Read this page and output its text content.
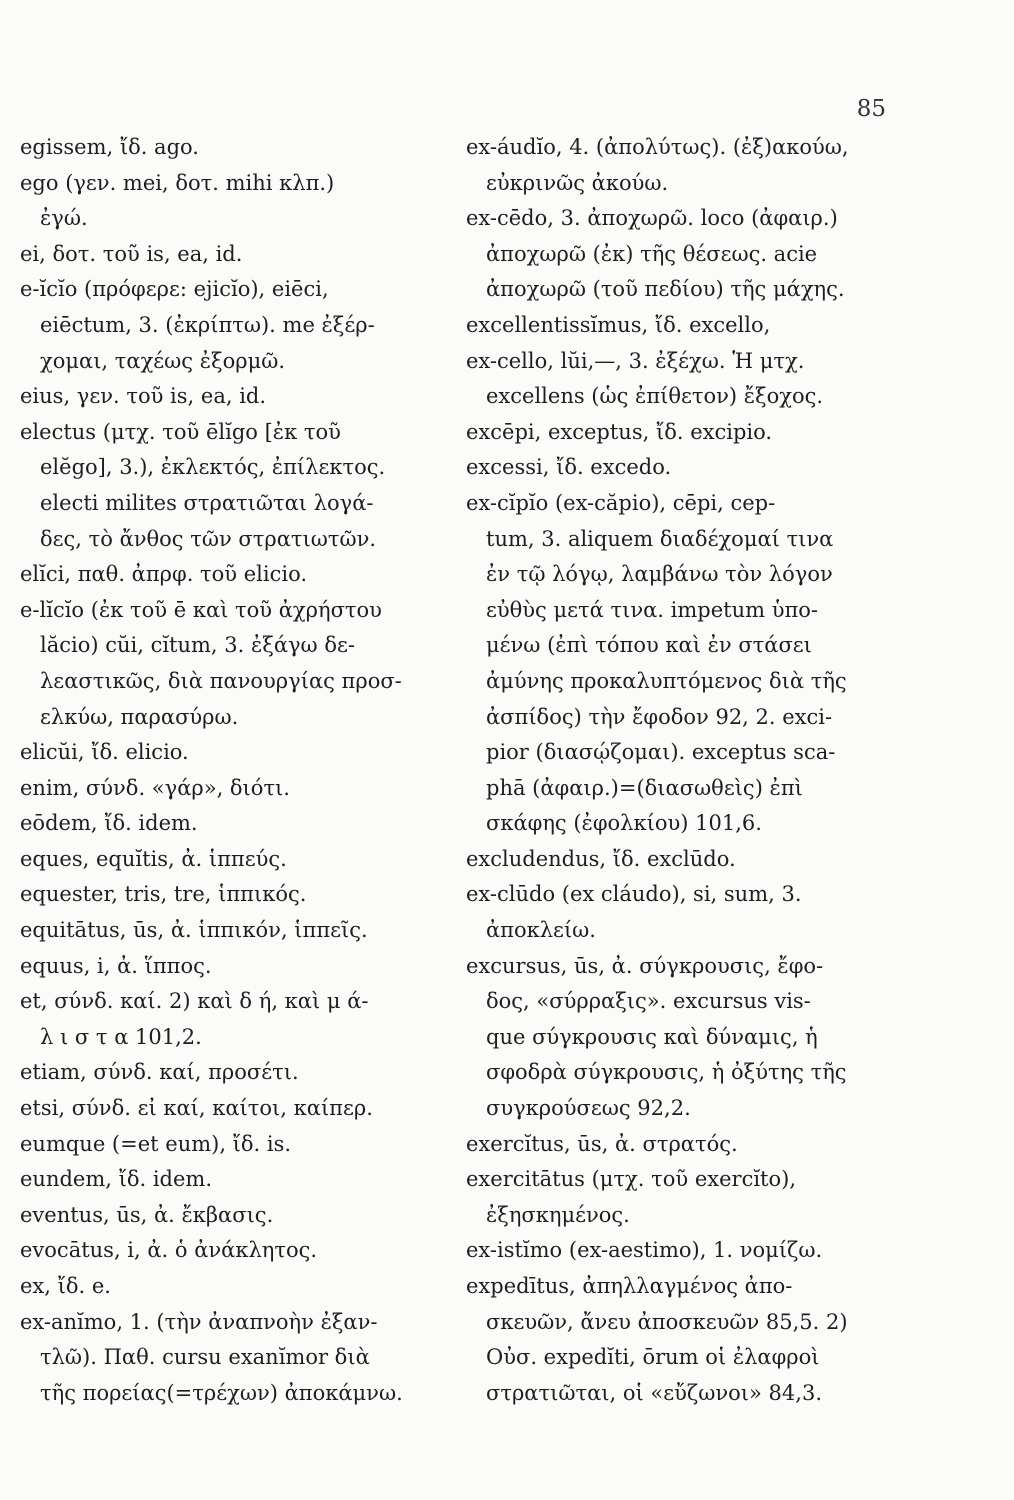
85
egissem, ἴδ. ago.
ego (γεν. mei, δοτ. mihi κλπ.)
ἐγώ.
ei, δοτ. τοῦ is, ea, id.
e-ĭcĭo (πρόφερε: ejicĭo), eiēci,
eiēctum, 3. (ἐκρίπτω). me ἐξέρ-
χομαι, ταχέως ἐξορμῶ.
eius, γεν. τοῦ is, ea, id.
electus (μτχ. τοῦ ēlĭgo [ἐκ τοῦ
elĕgo], 3.), ἐκλεκτός, ἐπίλεκτος.
electi milites στρατιῶται λογά-
δες, τὸ ἄνθος τῶν στρατιωτῶν.
elĭci, παθ. ἀπρφ. τοῦ elicio.
e-lĭcĭo (ἐκ τοῦ ē καὶ τοῦ ἀχρήστου
lăcio) cŭi, cĭtum, 3. ἐξάγω δε-
λεαστικῶς, διὰ πανουργίας προσ-
ελκύω, παρασύρω.
elicŭi, ἴδ. elicio.
enim, σύνδ. «γάρ», διότι.
eōdem, ἴδ. idem.
eques, equĭtis, ἀ. ἱππεύς.
equester, tris, tre, ἱππικός.
equitātus, ūs, ἀ. ἱππικόν, ἱππεῖς.
equus, i, ἀ. ἵππος.
et, σύνδ. καί. 2) καὶ δ ή, καὶ μ ά-
λ ι σ τ α 101,2.
etiam, σύνδ. καί, προσέτι.
etsi, σύνδ. εἰ καί, καίτοι, καίπερ.
eumque (=et eum), ἴδ. is.
eundem, ἴδ. idem.
eventus, ūs, ἀ. ἔκβασις.
evocātus, i, ἀ. ὁ ἀνάκλητος.
ex, ἴδ. e.
ex-anĭmo, 1. (τὴν ἀναπνοὴν ἐξαν-
τλῶ). Παθ. cursu exanĭmor διὰ
τῆς πορείας(=τρέχων) ἀποκάμνω.
ex-áudĭo, 4. (ἀπολύτως). (ἐξ)ακούω,
εὐκρινῶς ἀκούω.
ex-cēdo, 3. ἀποχωρῶ. loco (ἀφαιρ.)
ἀποχωρῶ (ἐκ) τῆς θέσεως. acie
ἀποχωρῶ (τοῦ πεδίου) τῆς μάχης.
excellentissĭmus, ἴδ. excello,
ex-cello, lŭi,—, 3. ἐξέχω. Ἡ μτχ.
excellens (ὡς ἐπίθετον) ἔξοχος.
excēpi, exceptus, ἴδ. excipio.
excessi, ἴδ. excedo.
ex-cĭpĭo (ex-căpio), cēpi, cep-
tum, 3. aliquem διαδέχομαί τινα
ἐν τῷ λόγῳ, λαμβάνω τὸν λόγον
εὐθὺς μετά τινα. impetum ὑπο-
μένω (ἐπὶ τόπου καὶ ἐν στάσει
ἀμύνης προκαλυπτόμενος διὰ τῆς
ἀσπίδος) τὴν ἔφοδον 92, 2. exci-
pior (διασῴζομαι). exceptus sca-
phā (ἀφαιρ.)=(διασωθεὶς) ἐπὶ
σκάφης (ἐφολκίου) 101,6.
excludendus, ἴδ. exclūdo.
ex-clūdo (ex cláudo), si, sum, 3.
ἀποκλείω.
excursus, ūs, ἀ. σύγκρουσις, ἔφο-
δος, «σύρραξις». excursus vis-
que σύγκρουσις καὶ δύναμις, ἡ
σφοδρὰ σύγκρουσις, ἡ ὀξύτης τῆς
συγκρούσεως 92,2.
exercĭtus, ūs, ἀ. στρατός.
exercitātus (μτχ. τοῦ exercĭto),
ἐξησκημένος.
ex-istĭmo (ex-aestimo), 1. νομίζω.
expedītus, ἀπηλλαγμένος ἀπο-
σκευῶν, ἄνευ ἀποσκευῶν 85,5. 2)
Οὐσ. expedĭti, ōrum οἱ ἐλαφροὶ
στρατιῶται, οἱ «εὔζωνοι» 84,3.
